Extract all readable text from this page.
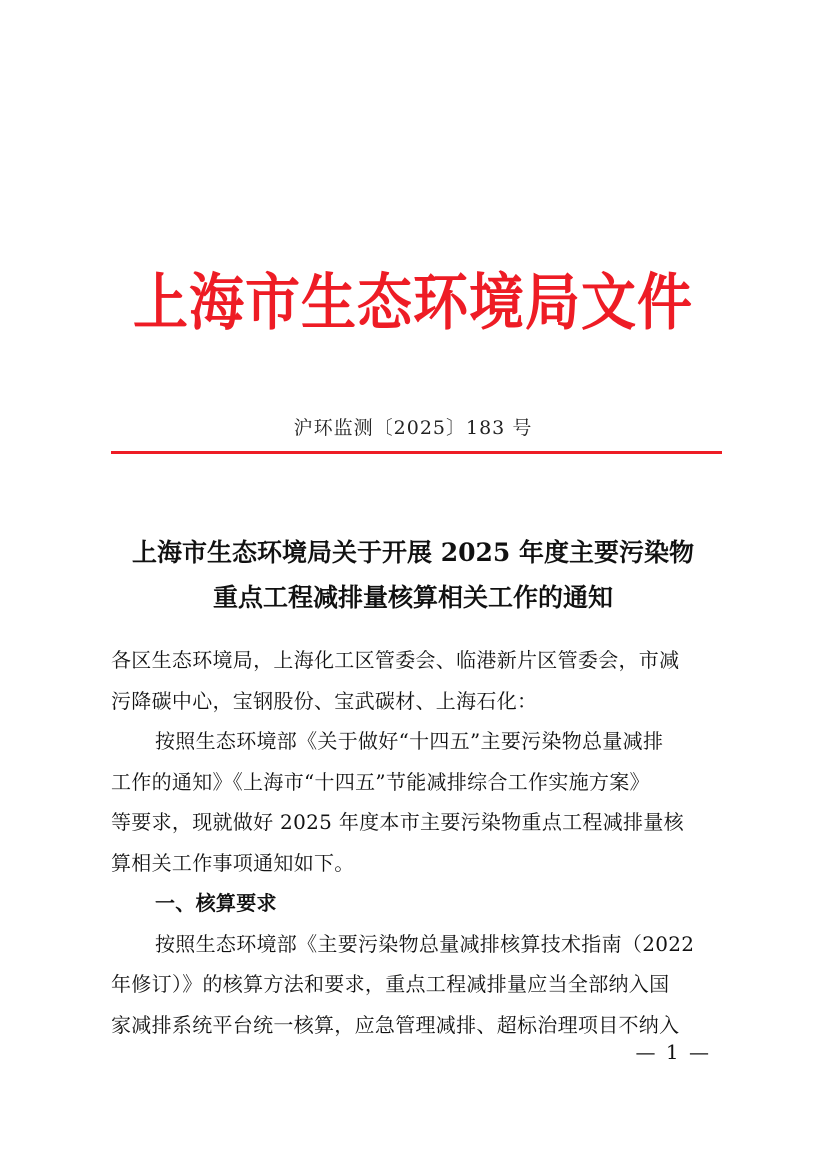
上海市生态环境局文件
沪环监测〔2025〕183 号
上海市生态环境局关于开展 2025 年度主要污染物
重点工程减排量核算相关工作的通知
各区生态环境局，上海化工区管委会、临港新片区管委会，市减
污降碳中心，宝钢股份、宝武碳材、上海石化：
按照生态环境部《关于做好“十四五”主要污染物总量减排
工作的通知》《上海市“十四五”节能减排综合工作实施方案》
等要求，现就做好 2025 年度本市主要污染物重点工程减排量核
算相关工作事项通知如下。
一、核算要求
按照生态环境部《主要污染物总量减排核算技术指南（2022
年修订）》的核算方法和要求，重点工程减排量应当全部纳入国
家减排系统平台统一核算，应急管理减排、超标治理项目不纳入
— 1 —
